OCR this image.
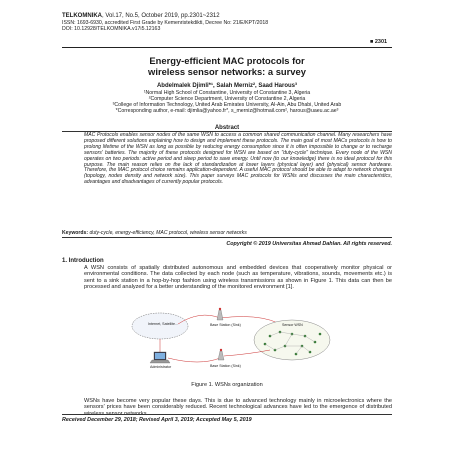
TELKOMNIKA, Vol.17, No.5, October 2019, pp.2301~2312
ISSN: 1693-6930, accredited First Grade by Kemenristekdikti, Decree No: 21/E/KPT/2018
DOI: 10.12928/TELKOMNIKA.v17i5.12163
■ 2301
Energy-efficient MAC protocols for
wireless sensor networks: a survey
Abdelmalek Djimli*¹, Salah Merniz², Saad Harous³
¹Normal High School of Constantine, University of Constantine 3, Algeria
²Computer Science Department, University of Constantine 2, Algeria
³College of Information Technology, United Arab Emirates University, Al-Ain, Abu Dhabi, United Arab
*Corresponding author, e-mail: djimlia@yahoo.fr*, s_merniz@hotmail.com², harous@uaeu.ac.ae³
Abstract
MAC Protocols enables sensor nodes of the same WSN to access a common shared communication channel. Many researchers have proposed different solutions explaining how to design and implement these protocols. The main goal of most MACs protocols is how to prolong lifetime of the WSN as long as possible by reducing energy consumption since it is often impossible to change or to recharge sensors' batteries. The majority of these protocols designed for WSN are based on "duty-cycle" technique. Every node of the WSN operates on two periods: active period and sleep period to save energy. Until now (to our knowledge) there is no ideal protocol for this purpose. The main reason relies on the lack of standardization at lower layers (physical layer) and (physical) sensor hardware. Therefore, the MAC protocol choice remains application-dependent. A useful MAC protocol should be able to adapt to network changes (topology, nodes density and network size). This paper surveys MAC protocols for WSNs and discusses the main characteristics, advantages and disadvantages of currently popular protocols.
Keywords: duty-cycle, energy-efficiency, MAC protocol, wireless sensor networks
Copyright © 2019 Universitas Ahmad Dahlan. All rights reserved.
1. Introduction
A WSN consists of spatially distributed autonomous and embedded devices that cooperatively monitor physical or environmental conditions. The data collected by each node (such as temperature, vibrations, sounds, movements etc.) is sent to a sink station in a hop-by-hop fashion using wireless transmissions as shown in Figure 1. This data can then be processed and analyzed for a better understanding of the monitored environment [1].
Internet, Satellite...	Base Station (Sink)	Sensor WSN
Base Station (Sink)
Administrator
Figure 1. WSNs organization
WSNs have become very popular these days. This is due to advanced technology mainly in microelectronics where the sensors' prices have been considerably reduced. Recent technological advances have led to the emergence of distributed wireless sensor networks
Received December 29, 2018; Revised April 3, 2019; Accepted May 5, 2019
